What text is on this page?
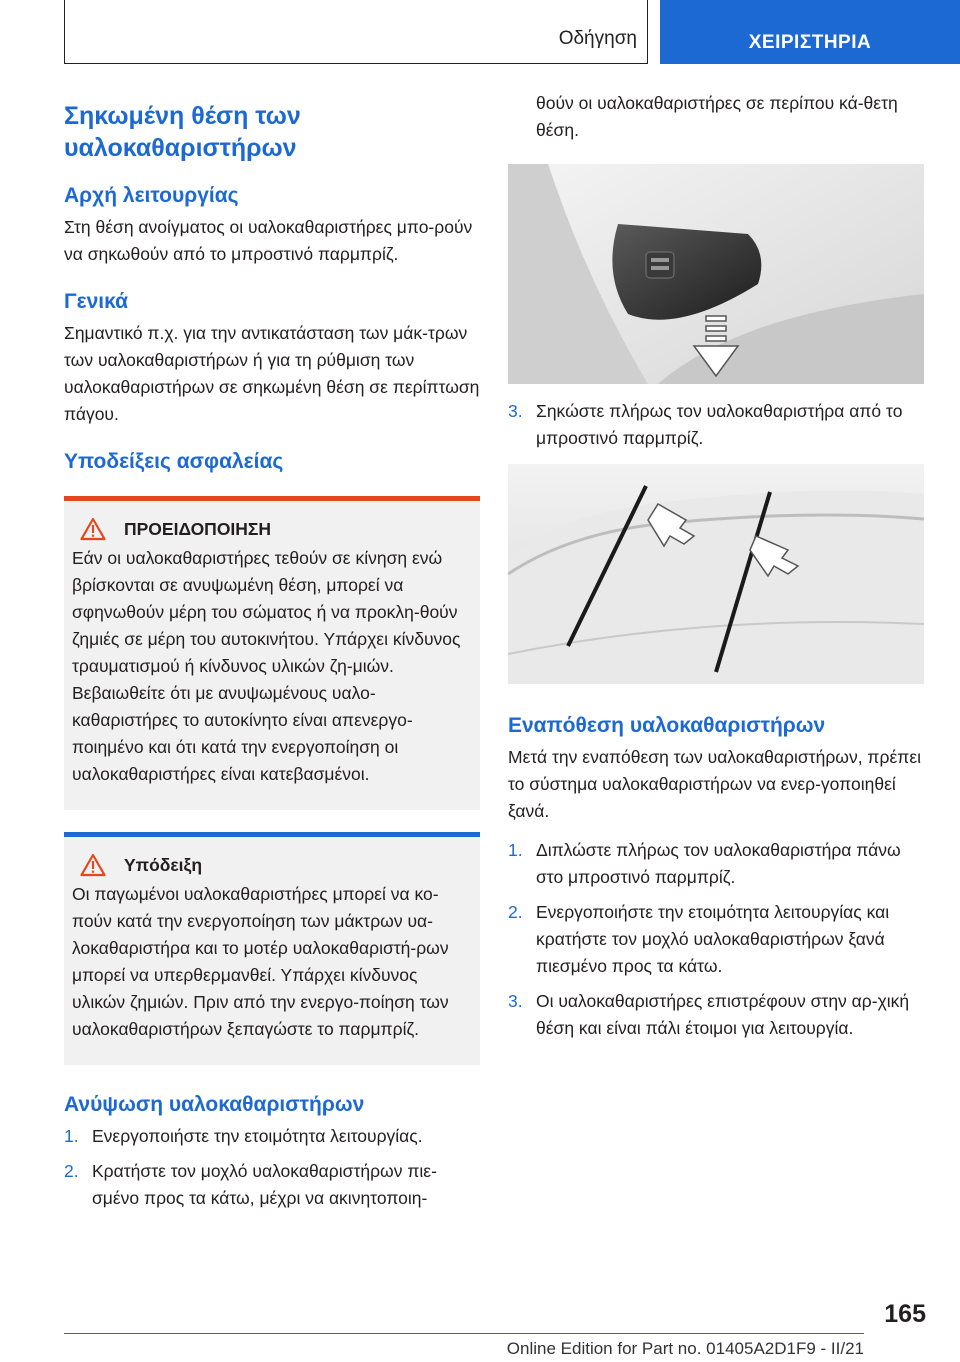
Οδήγηση	ΧΕΙΡΙΣΤΗΡΙΑ
Σηκωμένη θέση των υαλοκαθαριστήρων
Αρχή λειτουργίας

Στη θέση ανοίγματος οι υαλοκαθαριστήρες μπο-ρούν να σηκωθούν από το μπροστινό παρμπρίζ.

Γενικά

Σημαντικό π.χ. για την αντικατάσταση των μάκ-τρων των υαλοκαθαριστήρων ή για τη ρύθμιση των υαλοκαθαριστήρων σε σηκωμένη θέση σε περίπτωση πάγου.

Υποδείξεις ασφαλείας
ΠΡΟΕΙΔΟΠΟΙΗΣΗ

Εάν οι υαλοκαθαριστήρες τεθούν σε κίνηση ενώ βρίσκονται σε ανυψωμένη θέση, μπορεί να σφηνωθούν μέρη του σώματος ή να προκλη-θούν ζημιές σε μέρη του αυτοκινήτου. Υπάρχει κίνδυνος τραυματισμού ή κίνδυνος υλικών ζη-μιών. Βεβαιωθείτε ότι με ανυψωμένους υαλο-καθαριστήρες το αυτοκίνητο είναι απενεργο-ποιημένο και ότι κατά την ενεργοποίηση οι υαλοκαθαριστήρες είναι κατεβασμένοι.

Υπόδειξη

Οι παγωμένοι υαλοκαθαριστήρες μπορεί να κο-πούν κατά την ενεργοποίηση των μάκτρων υα-λοκαθαριστήρα και το μοτέρ υαλοκαθαριστή-ρων μπορεί να υπερθερμανθεί. Υπάρχει κίνδυνος υλικών ζημιών. Πριν από την ενεργο-ποίηση των υαλοκαθαριστήρων ξεπαγώστε το παρμπρίζ.

Ανύψωση υαλοκαθαριστήρων
1. Ενεργοποιήστε την ετοιμότητα λειτουργίας.
2. Κρατήστε τον μοχλό υαλοκαθαριστήρων πιε-σμένο προς τα κάτω, μέχρι να ακινητοποιη-

θούν οι υαλοκαθαριστήρες σε περίπου κά-θετη θέση.

3. Σηκώστε πλήρως τον υαλοκαθαριστήρα από το μπροστινό παρμπρίζ.
Εναπόθεση υαλοκαθαριστήρων

Μετά την εναπόθεση των υαλοκαθαριστήρων, πρέπει το σύστημα υαλοκαθαριστήρων να ενερ-γοποιηθεί ξανά.

1. Διπλώστε πλήρως τον υαλοκαθαριστήρα πάνω στο μπροστινό παρμπρίζ.
2. Ενεργοποιήστε την ετοιμότητα λειτουργίας και κρατήστε τον μοχλό υαλοκαθαριστήρων ξανά πιεσμένο προς τα κάτω.
3. Οι υαλοκαθαριστήρες επιστρέφουν στην αρ-χική θέση και είναι πάλι έτοιμοι για λειτουργία.
165
Online Edition for Part no. 01405A2D1F9 - II/21
